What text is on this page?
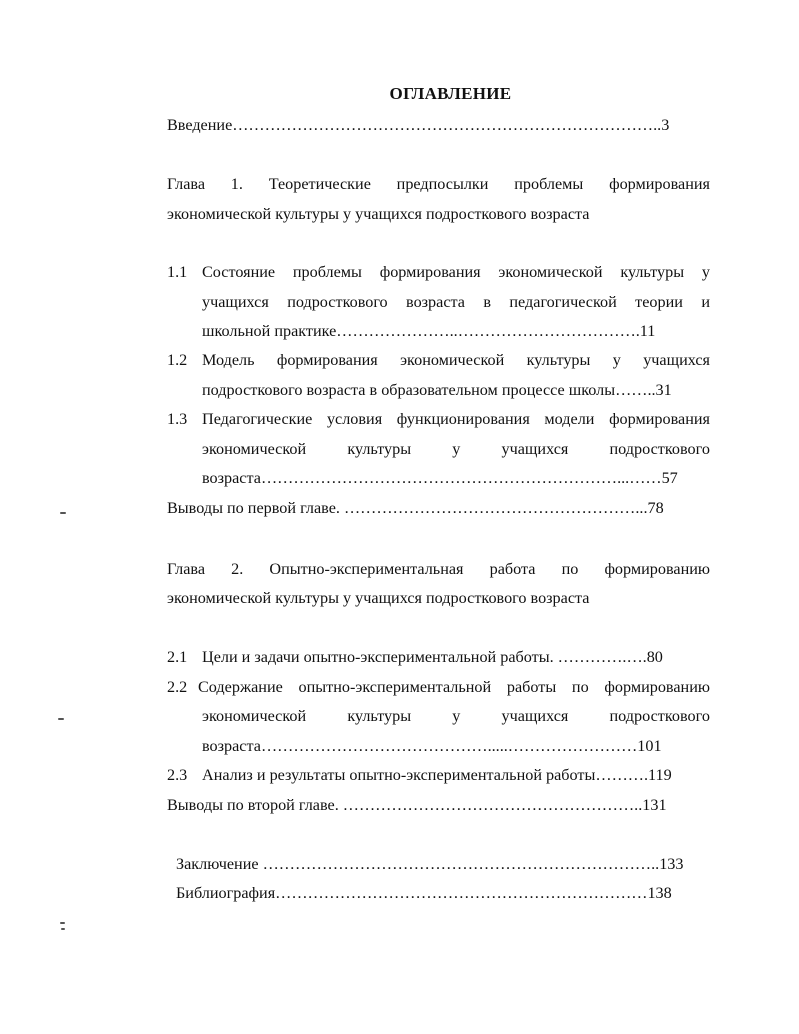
ОГЛАВЛЕНИЕ
Введение……………………………………………………………………..3
Глава 1. Теоретические предпосылки проблемы формирования
экономической культуры у учащихся подросткового возраста
1.1 Состояние проблемы формирования экономической культуры у
учащихся подросткового возраста в педагогической теории и
школьной практике…………………..…………………………….11
1.2 Модель формирования экономической культуры у учащихся
подросткового возраста в образовательном процессе школы……..31
1.3 Педагогические условия функционирования модели формирования
экономической	культуры	у	учащихся	подросткового
возраста…………………………………………………………...……57
Выводы по первой главе. ………………………………………………...78
Глава 2. Опытно-экспериментальная работа по формированию
экономической культуры у учащихся подросткового возраста
2.1 Цели и задачи опытно-экспериментальной работы. ………….….80
2.2 Содержание опытно-экспериментальной работы по формированию
экономической	культуры	у	учащихся	подросткового
возраста…………………………………….....……………………101
2.3 Анализ и результаты опытно-экспериментальной работы……….119
Выводы по второй главе. ………………………………………………..131
Заключение ………………………………………………………………..133
Библиография……………………………………………………………138
